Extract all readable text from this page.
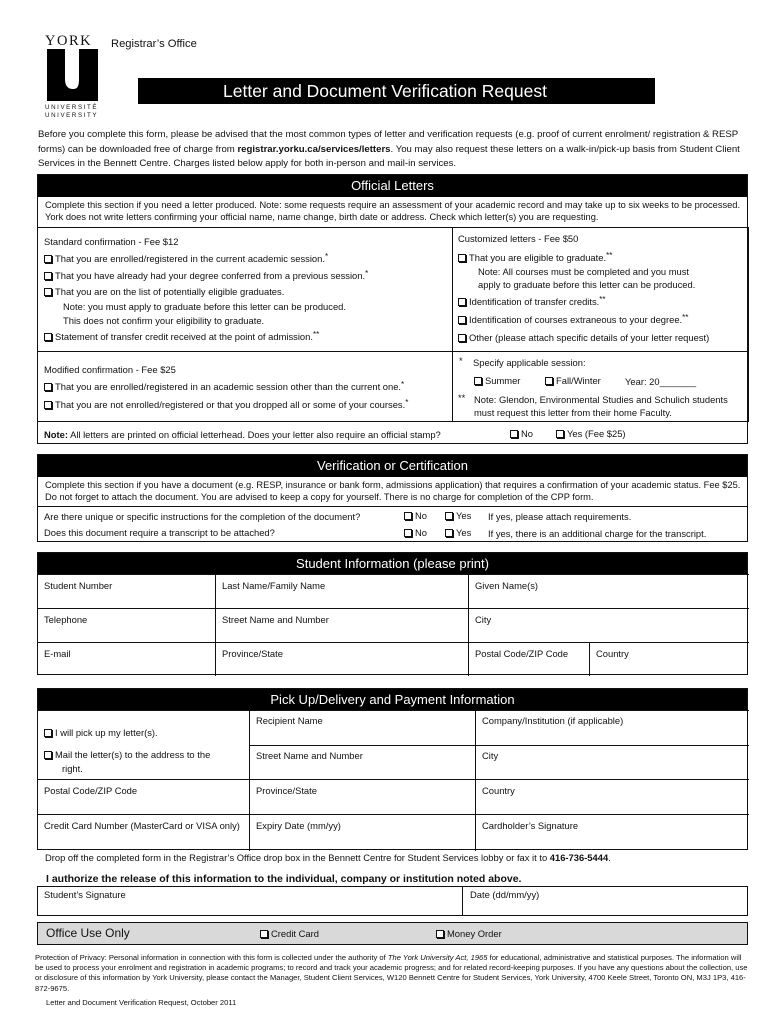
YORK
UNIVERSITÉ
UNIVERSITY
Registrar’s Office
Letter and Document Verification Request
Before you complete this form, please be advised that the most common types of letter and verification requests (e.g. proof of current enrolment/ registration & RESP forms) can be downloaded free of charge from registrar.yorku.ca/services/letters. You may also request these letters on a walk-in/pick-up basis from Student Client Services in the Bennett Centre. Charges listed below apply for both in-person and mail-in services.
Official Letters
Complete this section if you need a letter produced. Note: some requests require an assessment of your academic record and may take up to six weeks to be processed. York does not write letters confirming your official name, name change, birth date or address. Check which letter(s) you are requesting.
Standard confirmation - Fee $12
That you are enrolled/registered in the current academic session.*
That you have already had your degree conferred from a previous session.*
That you are on the list of potentially eligible graduates.
Note: you must apply to graduate before this letter can be produced.
This does not confirm your eligibility to graduate.
Statement of transfer credit received at the point of admission.**
Customized letters - Fee $50
That you are eligible to graduate.**
Note: All courses must be completed and you must
apply to graduate before this letter can be produced.
Identification of transfer credits.**
Identification of courses extraneous to your degree.**
Other (please attach specific details of your letter request)
Modified confirmation - Fee $25
That you are enrolled/registered in an academic session other than the current one.*
That you are not enrolled/registered or that you dropped all or some of your courses.*
* Specify applicable session:
Summer	Fall/Winter	Year: 20_______
** Note: Glendon, Environmental Studies and Schulich students
must request this letter from their home Faculty.
Note: All letters are printed on official letterhead. Does your letter also require an official stamp?	No	Yes (Fee $25)
Verification or Certification
Complete this section if you have a document (e.g. RESP, insurance or bank form, admissions application) that requires a confirmation of your academic status. Fee $25. Do not forget to attach the document. You are advised to keep a copy for yourself. There is no charge for completion of the CPP form.
Are there unique or specific instructions for the completion of the document?	No	Yes If yes, please attach requirements.
Does this document require a transcript to be attached?	No	Yes If yes, there is an additional charge for the transcript.
Student Information (please print)
Student Number	Last Name/Family Name	Given Name(s)
Telephone	Street Name and Number	City
E-mail	Province/State	Postal Code/ZIP Code	Country
Pick Up/Delivery and Payment Information
I will pick up my letter(s).
Mail the letter(s) to the address to the
right.
Recipient Name	Company/Institution (if applicable)
Street Name and Number	City
Postal Code/ZIP Code	Province/State	Country
Credit Card Number (MasterCard or VISA only) Expiry Date (mm/yy)	Cardholder’s Signature
Drop off the completed form in the Registrar’s Office drop box in the Bennett Centre for Student Services lobby or fax it to 416-736-5444.
I authorize the release of this information to the individual, company or institution noted above.
Student’s Signature	Date (dd/mm/yy)
Office Use Only	Credit Card	Money Order
Protection of Privacy: Personal information in connection with this form is collected under the authority of The York University Act, 1965 for educational, administrative and statistical purposes. The information will be used to process your enrolment and registration in academic programs; to record and track your academic progress; and for related record-keeping purposes. If you have any questions about the collection, use or disclosure of this information by York University, please contact the Manager, Student Client Services, W120 Bennett Centre for Student Services, York University, 4700 Keele Street, Toronto ON, M3J 1P3, 416-872-9675.
Letter and Document Verification Request, October 2011
